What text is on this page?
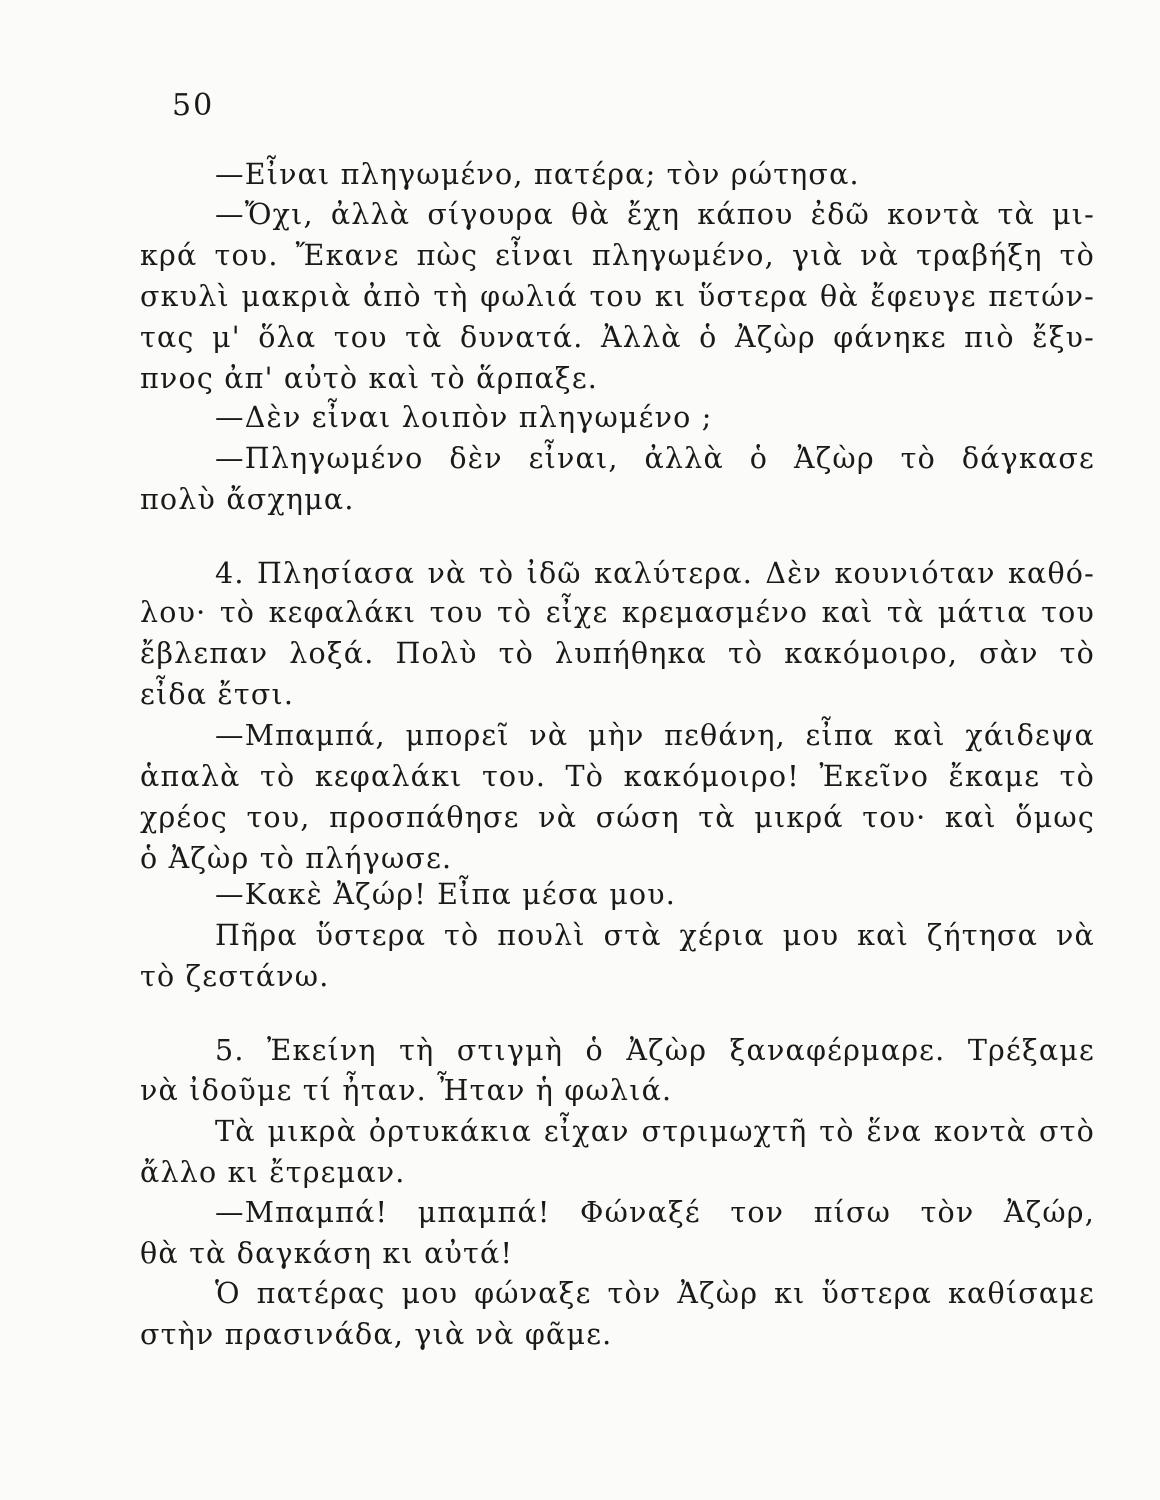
50
—Εἶναι πληγωμένο, πατέρα; τὸν ρώτησα.
—Ὄχι, ἀλλὰ σίγουρα θὰ ἔχη κάπου ἐδῶ κοντὰ τὰ μι-
κρά του. Ἔκανε πὼς εἶναι πληγωμένο, γιὰ νὰ τραβήξη τὸ
σκυλὶ μακριὰ ἀπὸ τὴ φωλιά του κι ὕστερα θὰ ἔφευγε πετών-
τας μ' ὅλα του τὰ δυνατά. Ἀλλὰ ὁ Ἀζὼρ φάνηκε πιὸ ἔξυ-
πνος ἀπ' αὐτὸ καὶ τὸ ἅρπαξε.
—Δὲν εἶναι λοιπὸν πληγωμένο ;
—Πληγωμένο δὲν εἶναι, ἀλλὰ ὁ Ἀζὼρ τὸ δάγκασε
πολὺ ἄσχημα.
4. Πλησίασα νὰ τὸ ἰδῶ καλύτερα. Δὲν κουνιόταν καθό-
λου· τὸ κεφαλάκι του τὸ εἶχε κρεμασμένο καὶ τὰ μάτια του
ἔβλεπαν λοξά. Πολὺ τὸ λυπήθηκα τὸ κακόμοιρο, σὰν τὸ
εἶδα ἔτσι.
—Μπαμπά, μπορεῖ νὰ μὴν πεθάνη, εἶπα καὶ χάιδεψα
ἁπαλὰ τὸ κεφαλάκι του. Τὸ κακόμοιρο! Ἐκεῖνο ἔκαμε τὸ
χρέος του, προσπάθησε νὰ σώση τὰ μικρά του· καὶ ὅμως
ὁ Ἀζὼρ τὸ πλήγωσε.
—Κακὲ Ἀζώρ! Εἶπα μέσα μου.
Πῆρα ὕστερα τὸ πουλὶ στὰ χέρια μου καὶ ζήτησα νὰ
τὸ ζεστάνω.
5. Ἐκείνη τὴ στιγμὴ ὁ Ἀζὼρ ξαναφέρμαρε. Τρέξαμε
νὰ ἰδοῦμε τί ἦταν. Ἦταν ἡ φωλιά.
Τὰ μικρὰ ὀρτυκάκια εἶχαν στριμωχτῆ τὸ ἕνα κοντὰ στὸ
ἄλλο κι ἔτρεμαν.
—Μπαμπά! μπαμπά! Φώναξέ τον πίσω τὸν Ἀζώρ,
θὰ τὰ δαγκάση κι αὐτά!
Ὁ πατέρας μου φώναξε τὸν Ἀζὼρ κι ὕστερα καθίσαμε
στὴν πρασινάδα, γιὰ νὰ φᾶμε.
